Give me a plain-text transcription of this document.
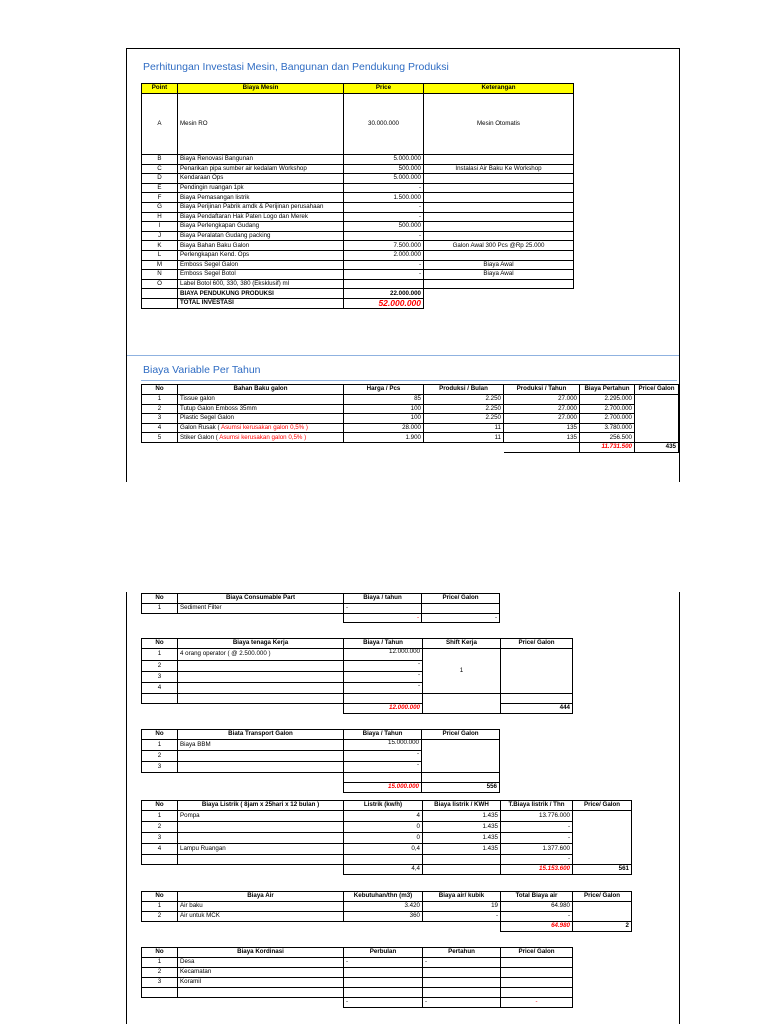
Perhitungan Investasi Mesin, Bangunan dan Pendukung Produksi
Point	Biaya Mesin	Price	Keterangan
A	Mesin RO	30.000.000	Mesin Otomatis
B	Biaya Renovasi Bangunan	5.000.000	
C	Penarikan pipa sumber air kedalam Workshop	500.000	Instalasi Air Baku Ke Workshop
D	Kendaraan Ops	5.000.000	
E	Pendingin ruangan 1pk	-	
F	Biaya Pemasangan listrik	1.500.000	
G	Biaya Perijinan Pabrik amdk & Perijinan perusahaan	-	
H	Biaya Pendaftaran Hak Paten Logo dan Merek	-	
I	Biaya Perlengkapan Gudang	500.000	
J	Biaya Peralatan Gudang packing	-	
K	Biaya Bahan Baku Galon	7.500.000	Galon Awal 300 Pcs @Rp 25.000
L	Perlengkapan Kend. Ops	2.000.000	
M	Emboss Segel Galon	-	Biaya Awal
N	Emboss Segel Botol	-	Biaya Awal
O	Label Botol 600, 330, 380 (Eksklusif) ml		
	BIAYA PENDUKUNG PRODUKSI	22.000.000	
	TOTAL INVESTASI	52.000.000	
Biaya Variable Per Tahun
No	Bahan Baku galon	Harga / Pcs	Produksi / Bulan	Produksi / Tahun	Biaya Pertahun	Price/ Galon
1	Tissue galon	85	2.250	27.000	2.295.000	
2	Tutup Galon Emboss 35mm	100	2.250	27.000	2.700.000	
3	Plastic Segel Galon	100	2.250	27.000	2.700.000	
4	Galon Rusak ( Asumsi kerusakan galon 0,5% )	28.000	11	135	3.780.000	
5	Stiker Galon ( Asumsi kerusakan galon 0,5% )	1.900	11	135	256.500	
					11.731.500	435
No	Biaya Consumable Part	Biaya / tahun	Price/ Galon
1	Sediment Filter	-	
		-	-
No	Biaya tenaga Kerja	Biaya / Tahun	Shift Kerja	Price/ Galon
1	4 orang operator ( @ 2.500.000 )	12.000.000	1	
2		-		
3		-		
4		-		

		12.000.000		444
No	Biata Transport Galon	Biaya / Tahun	Price/ Galon
1	Biaya BBM	15.000.000	
2		-	
3		-	

		15.000.000	556
No	Biaya Listrik ( 8jam x 25hari x 12 bulan )	Listrik (kw/h)	Biaya listrik / KWH	T.Biaya listrik / Thn	Price/ Galon
1	Pompa	4	1.435	13.776.000	
2		0	1.435	-	
3		0	1.435	-	
4	Lampu Ruangan	0,4	1.435	1.377.600	
				-	
		4,4		15.153.600	561
No	Biaya Air	Kebutuhan/thn (m3)	Biaya air/ kubik	Total Biaya air	Price/ Galon
1	Air baku	3.420	19	64.980	
2	Air untuk MCK	360	-	-	
				64.980	2
No	Biaya Kordinasi	Perbulan	Pertahun	Price/ Galon
1	Desa	-	-	
2	Kecamatan			
3	Koramil			

		-	-	-
